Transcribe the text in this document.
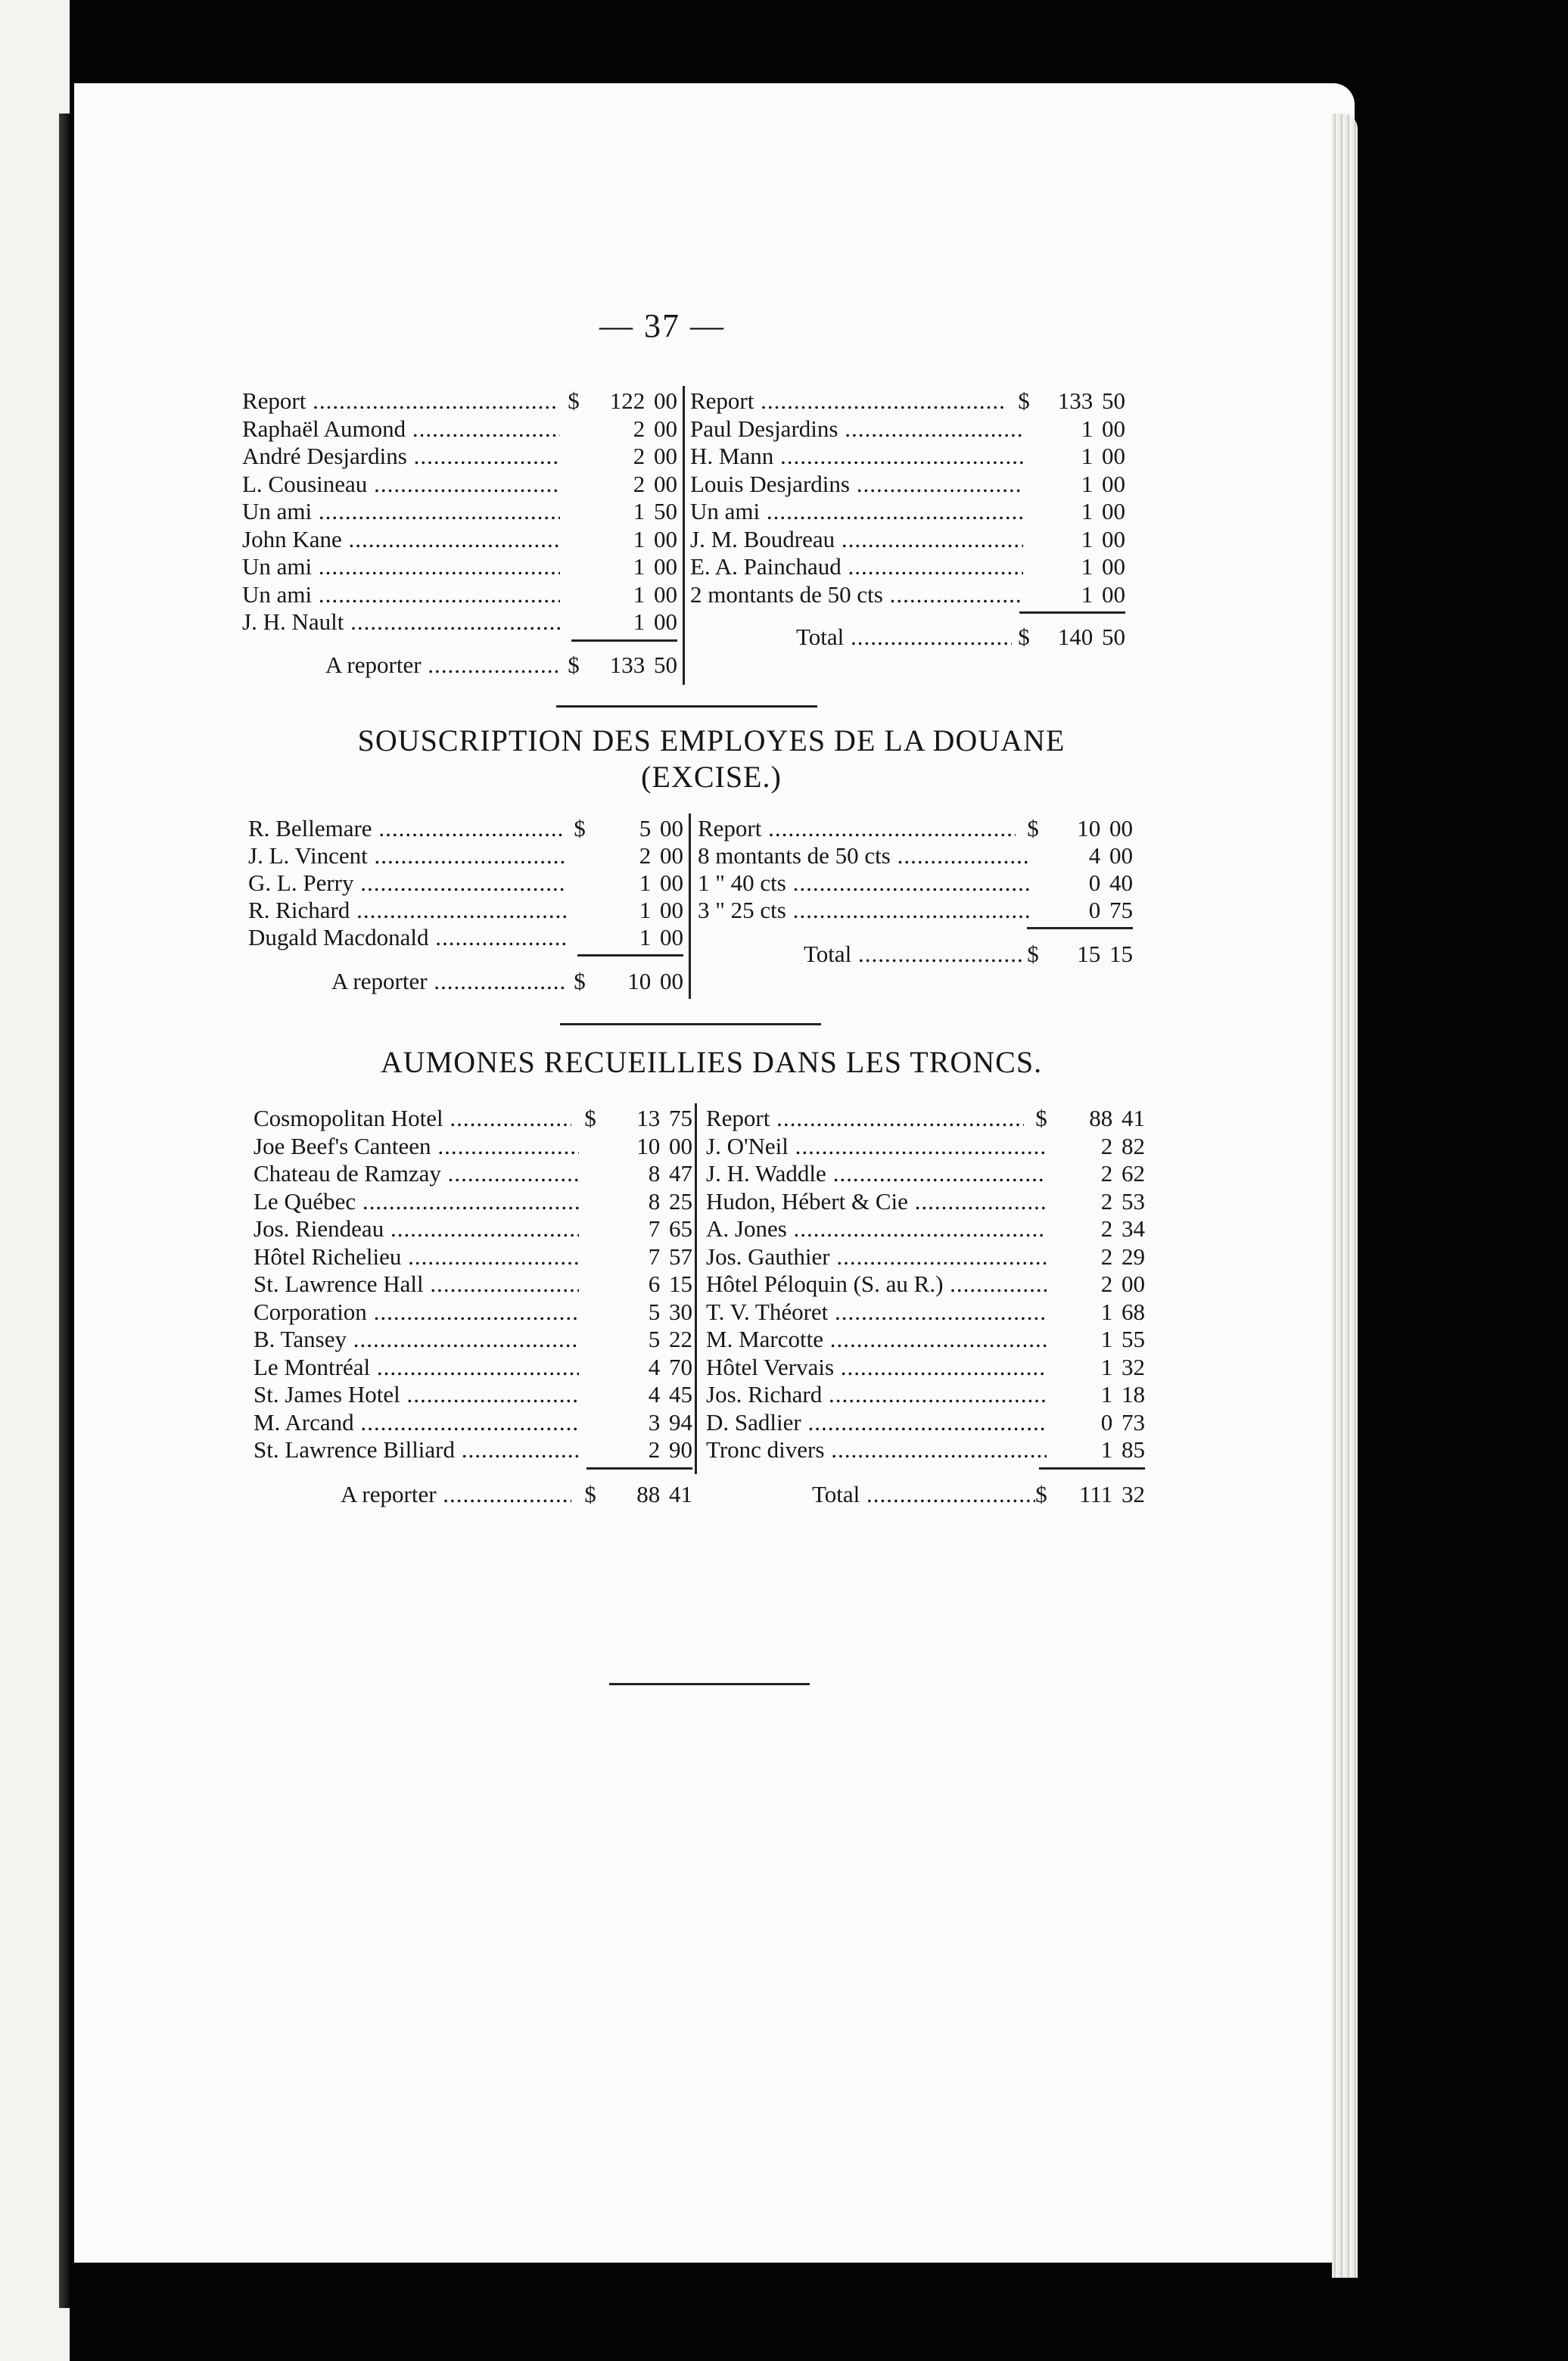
— 37 —
Report .....	$	122 00
Raphaël Aumond .....	2 00
André Desjardins .....	2 00
L. Cousineau .....	2 00
Un ami .....	1 50
John Kane .....	1 00
Un ami .....	1 00
Un ami .....	1 00
J. H. Nault .....	1 00
A reporter .....	$	133 50
Report .....	$	133 50
Paul Desjardins .....	1 00
H. Mann .....	1 00
Louis Desjardins .....	1 00
Un ami .....	1 00
J. M. Boudreau .....	1 00
E. A. Painchaud .....	1 00
2 montants de 50 cts .....	1 00
Total .....	$	140 50
SOUSCRIPTION DES EMPLOYES DE LA DOUANE
(EXCISE.)
R. Bellemare .....	$	5 00
J. L. Vincent .....	2 00
G. L. Perry .....	1 00
R. Richard .....	1 00
Dugald Macdonald .....	1 00
A reporter .....	$	10 00
Report .....	$	10 00
8 montants de 50 cts .....	4 00
1 " 40 cts .....	0 40
3 " 25 cts .....	0 75
Total .....	$	15 15
AUMONES RECUEILLIES DANS LES TRONCS.
Cosmopolitan Hotel .....	$	13 75
Joe Beef's Canteen .....	10 00
Chateau de Ramzay .....	8 47
Le Québec .....	8 25
Jos. Riendeau .....	7 65
Hôtel Richelieu .....	7 57
St. Lawrence Hall .....	6 15
Corporation .....	5 30
B. Tansey .....	5 22
Le Montréal .....	4 70
St. James Hotel .....	4 45
M. Arcand .....	3 94
St. Lawrence Billiard .....	2 90
A reporter .....	$	88 41
Report .....	$	88 41
J. O'Neil .....	2 82
J. H. Waddle .....	2 62
Hudon, Hébert & Cie .....	2 53
A. Jones .....	2 34
Jos. Gauthier .....	2 29
Hôtel Péloquin (S. au R.) .....	2 00
T. V. Théoret .....	1 68
M. Marcotte .....	1 55
Hôtel Vervais .....	1 32
Jos. Richard .....	1 18
D. Sadlier .....	0 73
Tronc divers .....	1 85
Total .....	$	111 32
